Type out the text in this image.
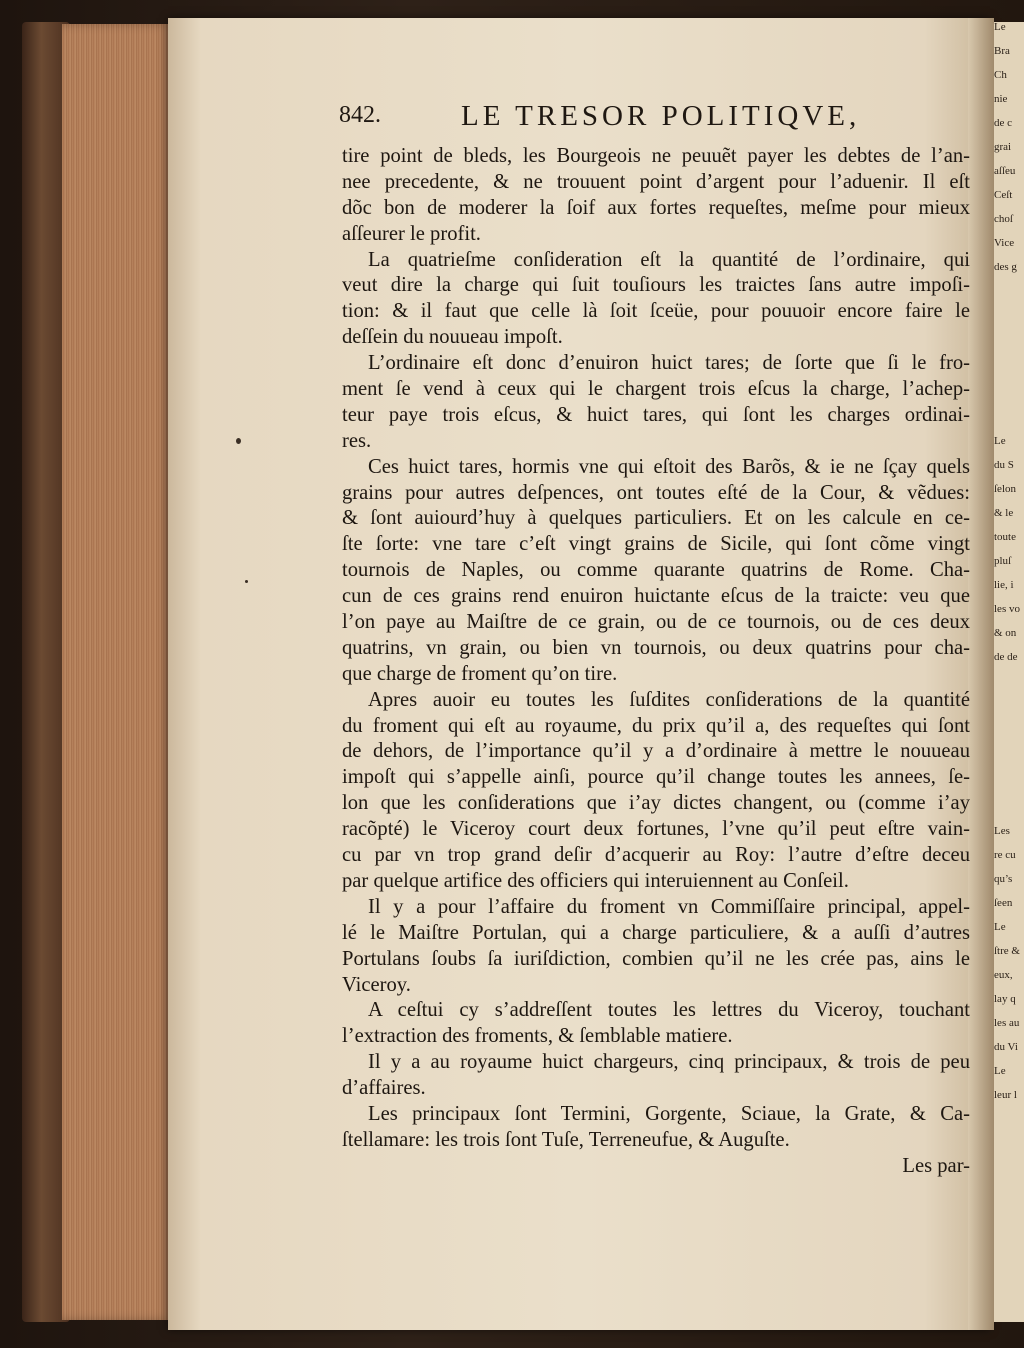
Le
Bra
Ch
nie
de c
grai
aſſeu
Ceſt
choſ
Vice
des g
Le
du S
ſelon
& le
toute
pluſ
lie, i
les vo
& on
de de
Les
re cu
qu’s
ſeen
Le
ſtre &
eux,
lay q
les au
du Vi
Le
leur l
842.	LE TRESOR POLITIQVE,
tire point de bleds, les Bourgeois ne peuuẽt payer les debtes de l’an-
nee precedente, & ne trouuent point d’argent pour l’aduenir. Il eſt
dõc bon de moderer la ſoif aux fortes requeſtes, meſme pour mieux
aſſeurer le profit.
La quatrieſme conſideration eſt la quantité de l’ordinaire, qui
veut dire la charge qui ſuit touſiours les traictes ſans autre impoſi-
tion: & il faut que celle là ſoit ſceüe, pour pouuoir encore faire le
deſſein du nouueau impoſt.
L’ordinaire eſt donc d’enuiron huict tares; de ſorte que ſi le fro-
ment ſe vend à ceux qui le chargent trois eſcus la charge, l’achep-
teur paye trois eſcus, & huict tares, qui ſont les charges ordinai-
res.
Ces huict tares, hormis vne qui eſtoit des Barõs, & ie ne ſçay quels
grains pour autres deſpences, ont toutes eſté de la Cour, & vẽdues:
& ſont auiourd’huy à quelques particuliers. Et on les calcule en ce-
ſte ſorte: vne tare c’eſt vingt grains de Sicile, qui ſont cõme vingt
tournois de Naples, ou comme quarante quatrins de Rome. Cha-
cun de ces grains rend enuiron huictante eſcus de la traicte: veu que
l’on paye au Maiſtre de ce grain, ou de ce tournois, ou de ces deux
quatrins, vn grain, ou bien vn tournois, ou deux quatrins pour cha-
que charge de froment qu’on tire.
Apres auoir eu toutes les ſuſdites conſiderations de la quantité
du froment qui eſt au royaume, du prix qu’il a, des requeſtes qui ſont
de dehors, de l’importance qu’il y a d’ordinaire à mettre le nouueau
impoſt qui s’appelle ainſi, pource qu’il change toutes les annees, ſe-
lon que les conſiderations que i’ay dictes changent, ou (comme i’ay
racõpté) le Viceroy court deux fortunes, l’vne qu’il peut eſtre vain-
cu par vn trop grand deſir d’acquerir au Roy: l’autre d’eſtre deceu
par quelque artifice des officiers qui interuiennent au Conſeil.
Il y a pour l’affaire du froment vn Commiſſaire principal, appel-
lé le Maiſtre Portulan, qui a charge particuliere, & a auſſi d’autres
Portulans ſoubs ſa iuriſdiction, combien qu’il ne les crée pas, ains le
Viceroy.
A ceſtui cy s’addreſſent toutes les lettres du Viceroy, touchant
l’extraction des froments, & ſemblable matiere.
Il y a au royaume huict chargeurs, cinq principaux, & trois de peu
d’affaires.
Les principaux ſont Termini, Gorgente, Sciaue, la Grate, & Ca-
ſtellamare: les trois ſont Tuſe, Terreneufue, & Auguſte.
Les par-
